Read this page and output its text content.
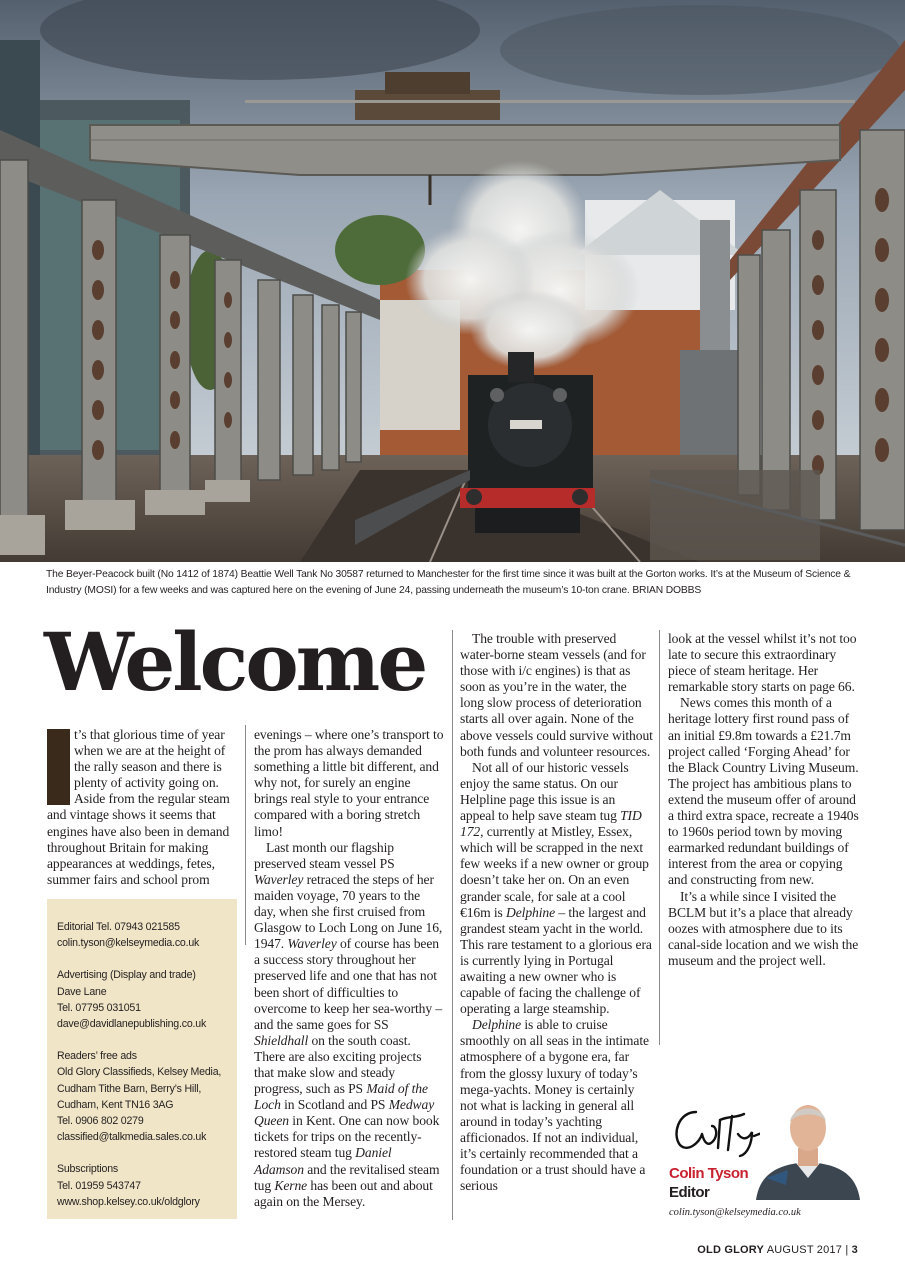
The Beyer-Peacock built (No 1412 of 1874) Beattie Well Tank No 30587 returned to Manchester for the first time since it was built at the Gorton works. It’s at the Museum of Science & Industry (MOSI) for a few weeks and was captured here on the evening of June 24, passing underneath the museum’s 10-ton crane. BRIAN DOBBS
Welcome

t’s that glorious time of year when we are at the height of the rally season and there is plenty of activity going on. Aside from the regular steam and vintage shows it seems that engines have also been in demand throughout Britain for making appearances at weddings, fetes, summer fairs and school prom

Editorial Tel. 07943 021585
colin.tyson@kelseymedia.co.uk
Advertising (Display and trade)
Dave Lane
Tel. 07795 031051
dave@davidlanepublishing.co.uk
Readers’ free ads
Old Glory Classifieds, Kelsey Media,
Cudham Tithe Barn, Berry’s Hill,
Cudham, Kent TN16 3AG
Tel. 0906 802 0279
classified@talkmedia.sales.co.uk
Subscriptions
Tel. 01959 543747
www.shop.kelsey.co.uk/oldglory

evenings – where one’s transport to the prom has always demanded something a little bit different, and why not, for surely an engine brings real style to your entrance compared with a boring stretch limo!

Last month our flagship preserved steam vessel PS Waverley retraced the steps of her maiden voyage, 70 years to the day, when she first cruised from Glasgow to Loch Long on June 16, 1947. Waverley of course has been a success story throughout her preserved life and one that has not been short of difficulties to overcome to keep her sea-worthy – and the same goes for SS Shieldhall on the south coast. There are also exciting projects that make slow and steady progress, such as PS Maid of the Loch in Scotland and PS Medway Queen in Kent. One can now book tickets for trips on the recently-restored steam tug Daniel Adamson and the revitalised steam tug Kerne has been out and about again on the Mersey.

The trouble with preserved water-borne steam vessels (and for those with i/c engines) is that as soon as you’re in the water, the long slow process of deterioration starts all over again. None of the above vessels could survive without both funds and volunteer resources.

Not all of our historic vessels enjoy the same status. On our Helpline page this issue is an appeal to help save steam tug TID 172, currently at Mistley, Essex, which will be scrapped in the next few weeks if a new owner or group doesn’t take her on. On an even grander scale, for sale at a cool €16m is Delphine – the largest and grandest steam yacht in the world. This rare testament to a glorious era is currently lying in Portugal awaiting a new owner who is capable of facing the challenge of operating a large steamship.

Delphine is able to cruise smoothly on all seas in the intimate atmosphere of a bygone era, far from the glossy luxury of today’s mega-yachts. Money is certainly not what is lacking in general all around in today’s yachting afficionados. If not an individual, it’s certainly recommended that a foundation or a trust should have a serious

look at the vessel whilst it’s not too late to secure this extraordinary piece of steam heritage. Her remarkable story starts on page 66.

News comes this month of a heritage lottery first round pass of an initial £9.8m towards a £21.7m project called ‘Forging Ahead’ for the Black Country Living Museum. The project has ambitious plans to extend the museum offer of around a third extra space, recreate a 1940s to 1960s period town by moving earmarked redundant buildings of interest from the area or copying and constructing from new.

It’s a while since I visited the BCLM but it’s a place that already oozes with atmosphere due to its canal-side location and we wish the museum and the project well.

Colin Tyson
Editor
colin.tyson@kelseymedia.co.uk
OLD GLORY AUGUST 2017 | 3
